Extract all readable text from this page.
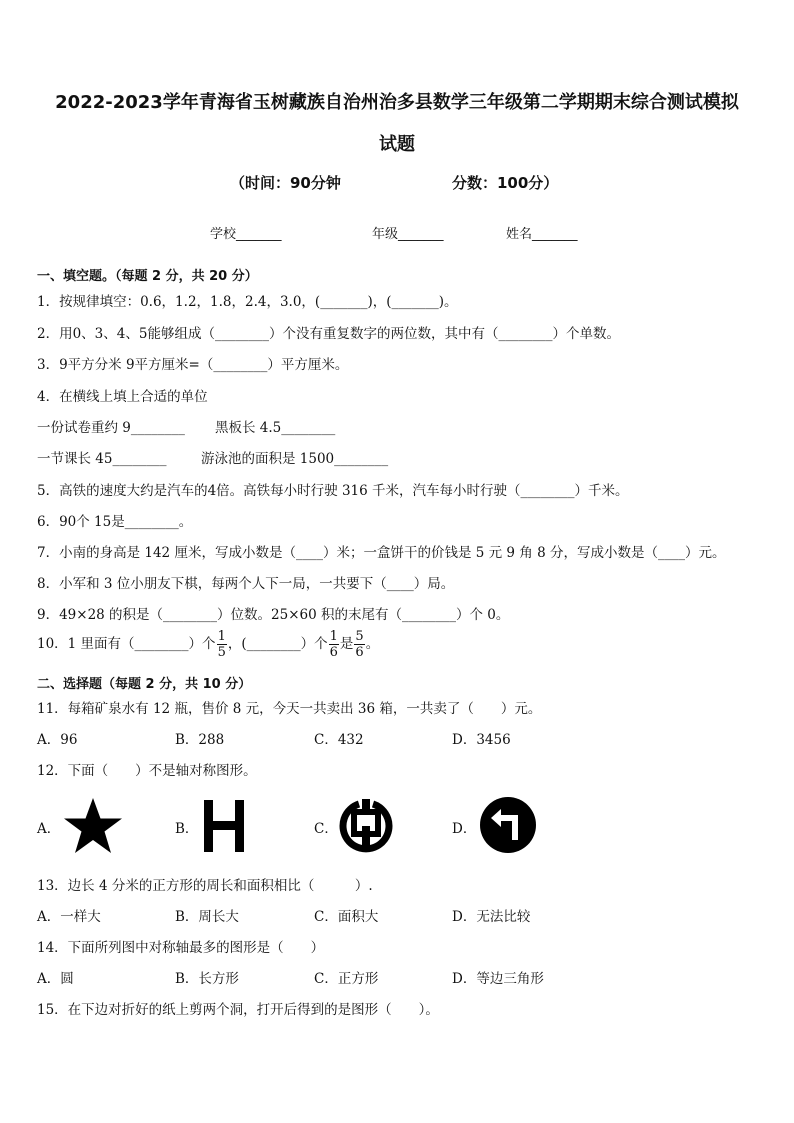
2022-2023学年青海省玉树藏族自治州治多县数学三年级第二学期期末综合测试模拟
试题
（时间：90分钟	分数：100分）
学校_______	年级_______	姓名_______
一、填空题。（每题 2 分，共 20 分）
1．按规律填空：0.6，1.2，1.8，2.4，3.0，(_______)，(_______)。
2．用0、3、4、5能够组成（________）个没有重复数字的两位数，其中有（________）个单数。
3．9平方分米 9平方厘米=（________）平方厘米。
4．在横线上填上合适的单位
一份试卷重约 9________ 黑板长 4.5________
一节课长 45________	游泳池的面积是 1500________
5．高铁的速度大约是汽车的4倍。高铁每小时行驶 316 千米，汽车每小时行驶（________）千米。
6．90个 15是________。
7．小南的身高是 142 厘米，写成小数是（____）米；一盒饼干的价钱是 5 元 9 角 8 分，写成小数是（____）元。
8．小军和 3 位小朋友下棋，每两个人下一局，一共要下（____）局。
9．49×28 的积是（________）位数。25×60 积的末尾有（________）个 0。
10．1 里面有（________）个 $\frac{1}{5}$ ，(________）个 $\frac{1}{6}$ 是 $\frac{5}{6}$ 。
二、选择题（每题 2 分，共 10 分）
11．每箱矿泉水有 12 瓶，售价 8 元，今天一共卖出 36 箱，一共卖了（　　）元。
A．96	B．288	C．432	D．3456
12．下面（　　）不是轴对称图形。
A．	B．	C．	D．
13．边长 4 分米的正方形的周长和面积相比（　　　）.
A．一样大	B．周长大	C．面积大	D．无法比较
14．下面所列图中对称轴最多的图形是（　　）
A．圆	B．长方形	C．正方形	D．等边三角形
15．在下边对折好的纸上剪两个洞，打开后得到的是图形（　　）。
